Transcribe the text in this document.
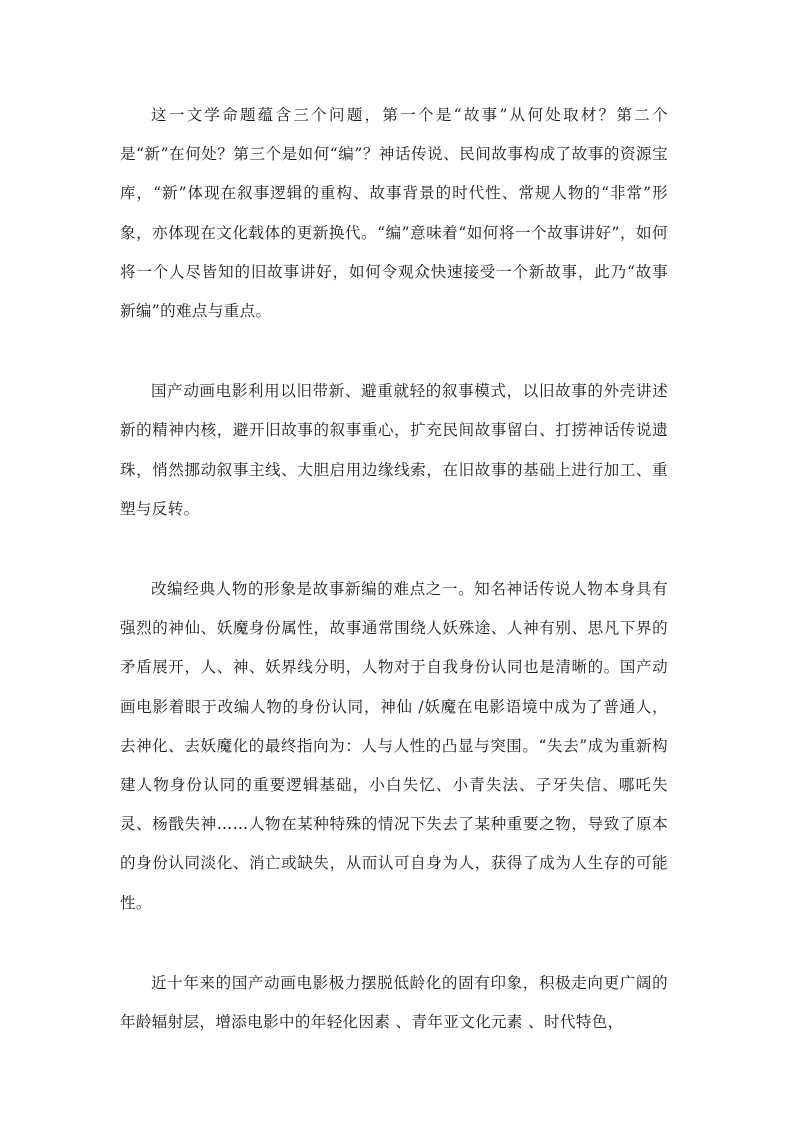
这一文学命题蕴含三个问题，第一个是“故事”从何处取材？第二个是“新”在何处？第三个是如何“编”？神话传说、民间故事构成了故事的资源宝库，“新”体现在叙事逻辑的重构、故事背景的时代性、常规人物的“非常”形象，亦体现在文化载体的更新换代。“编”意味着“如何将一个故事讲好”，如何将一个人尽皆知的旧故事讲好，如何令观众快速接受一个新故事，此乃“故事新编”的难点与重点。

国产动画电影利用以旧带新、避重就轻的叙事模式，以旧故事的外壳讲述新的精神内核，避开旧故事的叙事重心，扩充民间故事留白、打捞神话传说遗珠，悄然挪动叙事主线、大胆启用边缘线索，在旧故事的基础上进行加工、重塑与反转。

改编经典人物的形象是故事新编的难点之一。知名神话传说人物本身具有强烈的神仙、妖魔身份属性，故事通常围绕人妖殊途、人神有别、思凡下界的矛盾展开，人、神、妖界线分明，人物对于自我身份认同也是清晰的。国产动画电影着眼于改编人物的身份认同，神仙 /妖魔在电影语境中成为了普通人，去神化、去妖魔化的最终指向为：人与人性的凸显与突围。“失去”成为重新构建人物身份认同的重要逻辑基础，小白失忆、小青失法、子牙失信、哪吒失灵、杨戬失神……人物在某种特殊的情况下失去了某种重要之物，导致了原本的身份认同淡化、消亡或缺失，从而认可自身为人，获得了成为人生存的可能性。

近十年来的国产动画电影极力摆脱低龄化的固有印象，积极走向更广阔的年龄辐射层，增添电影中的年轻化因素 、青年亚文化元素 、时代特色，
